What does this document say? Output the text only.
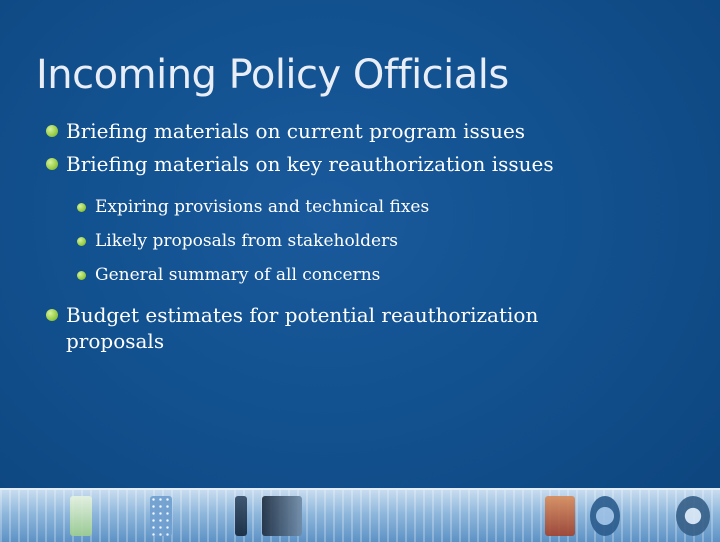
Incoming Policy Officials
Briefing materials on current program issues
Briefing materials on key reauthorization issues
Expiring provisions and technical fixes
Likely proposals from stakeholders
General summary of all concerns
Budget estimates for potential reauthorization
proposals
